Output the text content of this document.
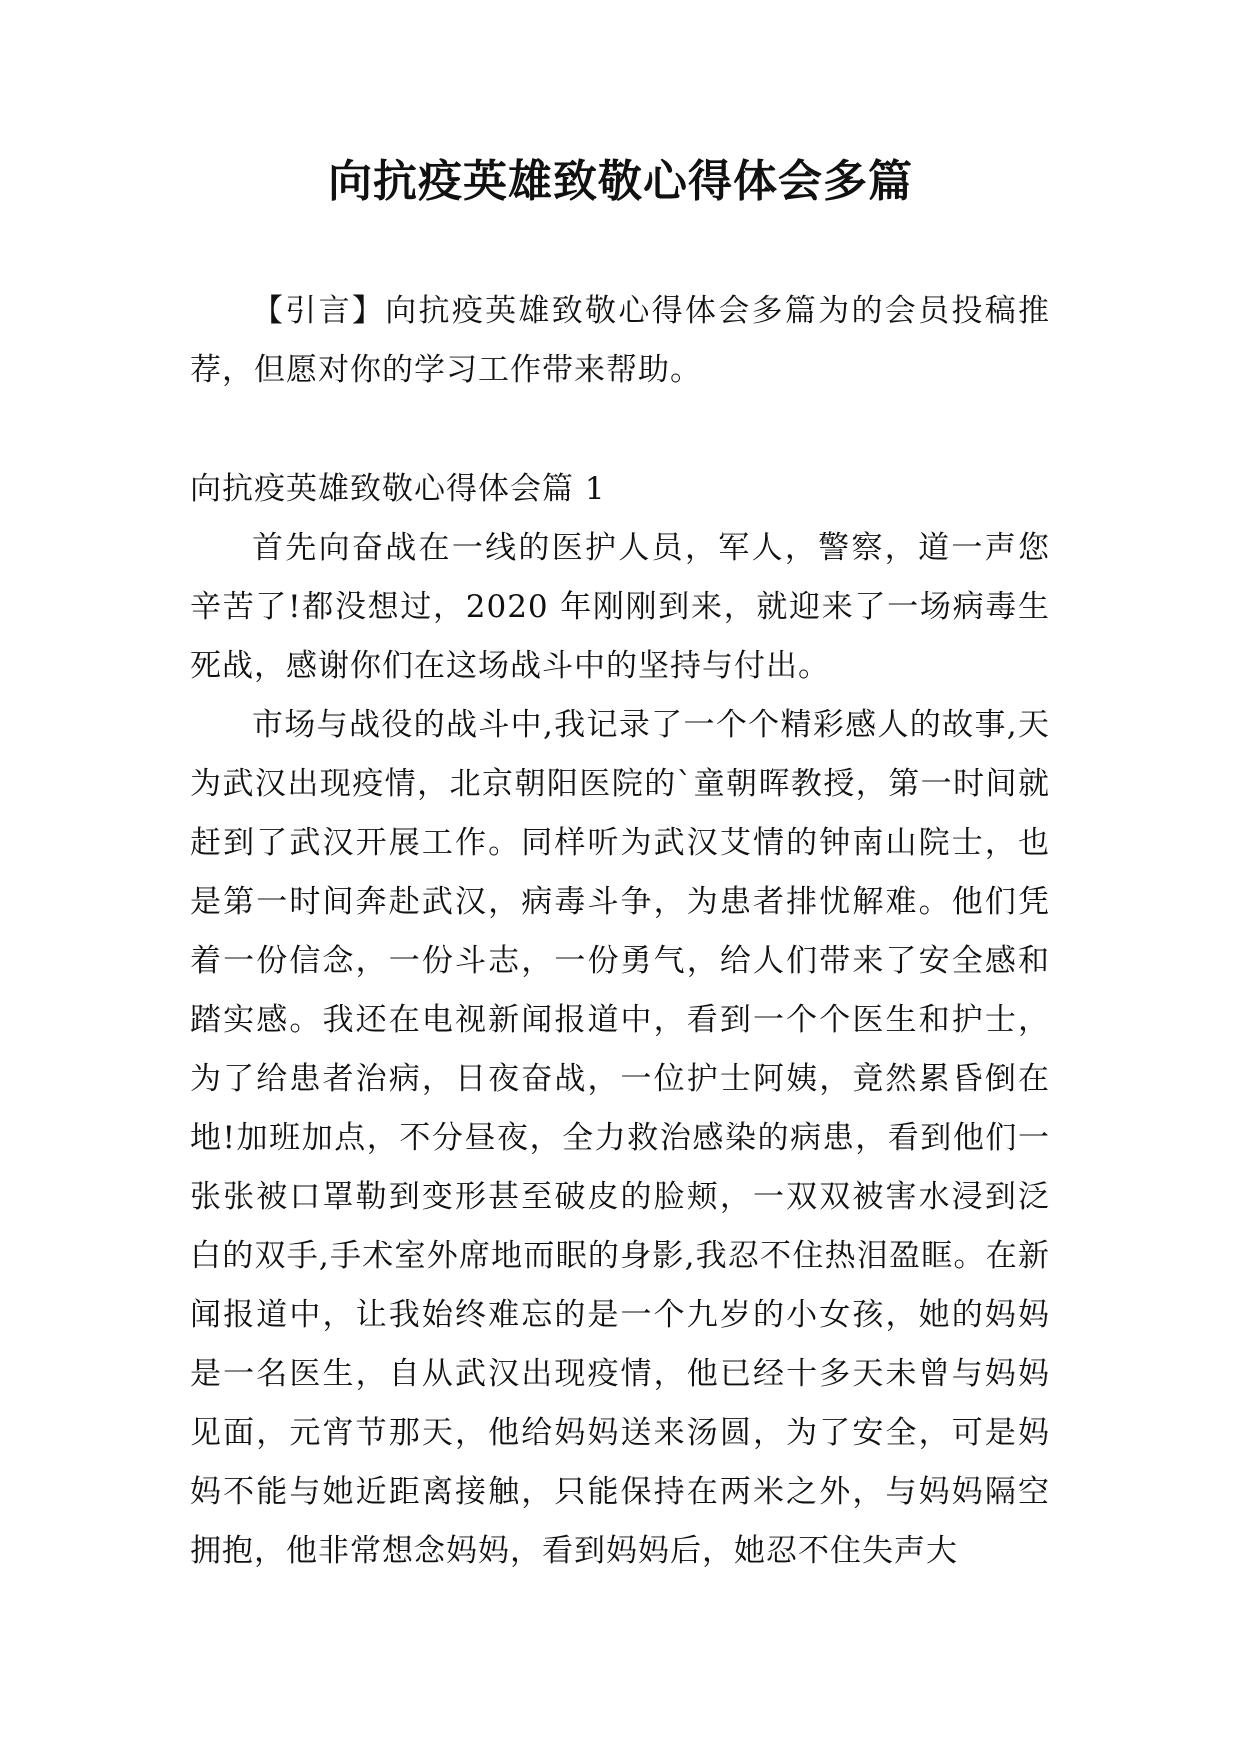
向抗疫英雄致敬心得体会多篇

【引言】向抗疫英雄致敬心得体会多篇为的会员投稿推荐，但愿对你的学习工作带来帮助。

向抗疫英雄致敬心得体会篇 1

首先向奋战在一线的医护人员，军人，警察，道一声您辛苦了!都没想过，2020 年刚刚到来，就迎来了一场病毒生死战，感谢你们在这场战斗中的坚持与付出。

市场与战役的战斗中,我记录了一个个精彩感人的故事,天为武汉出现疫情，北京朝阳医院的`童朝晖教授，第一时间就赶到了武汉开展工作。同样听为武汉艾情的钟南山院士，也是第一时间奔赴武汉，病毒斗争，为患者排忧解难。他们凭着一份信念，一份斗志，一份勇气，给人们带来了安全感和踏实感。我还在电视新闻报道中，看到一个个医生和护士，为了给患者治病，日夜奋战，一位护士阿姨，竟然累昏倒在地!加班加点，不分昼夜，全力救治感染的病患，看到他们一张张被口罩勒到变形甚至破皮的脸颊，一双双被害水浸到泛白的双手,手术室外席地而眠的身影,我忍不住热泪盈眶。在新闻报道中，让我始终难忘的是一个九岁的小女孩，她的妈妈是一名医生，自从武汉出现疫情，他已经十多天未曾与妈妈见面，元宵节那天，他给妈妈送来汤圆，为了安全，可是妈妈不能与她近距离接触，只能保持在两米之外，与妈妈隔空拥抱，他非常想念妈妈，看到妈妈后，她忍不住失声大
